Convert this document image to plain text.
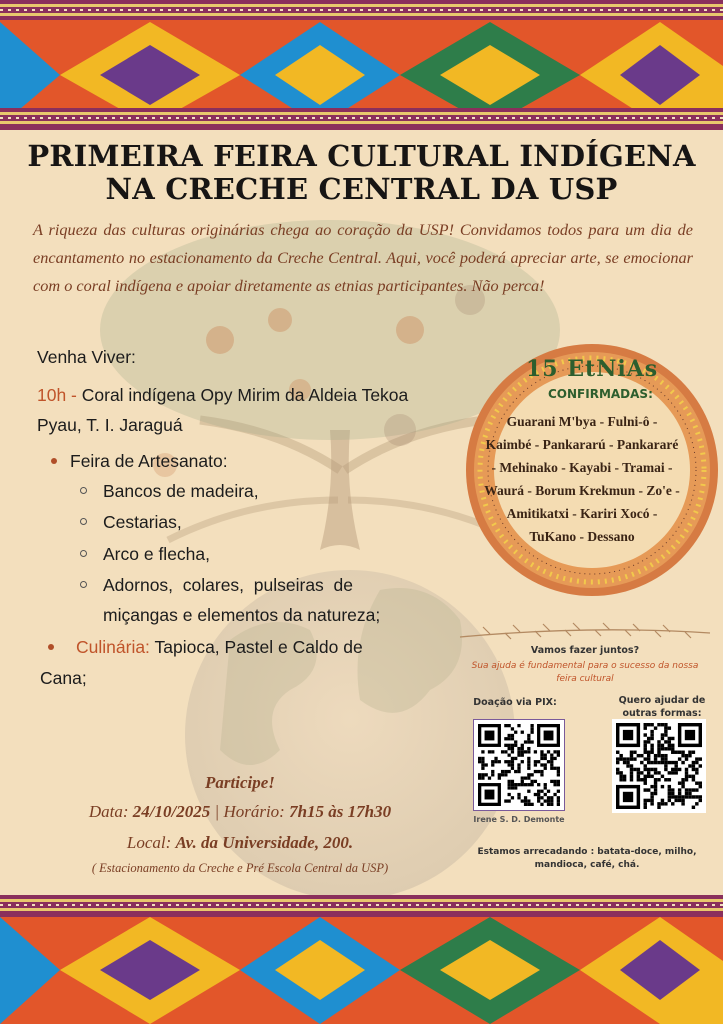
PRIMEIRA FEIRA CULTURAL INDÍGENA
NA CRECHE CENTRAL DA USP
A riqueza das culturas originárias chega ao coração da USP! Convidamos todos para um dia de encantamento no estacionamento da Creche Central. Aqui, você poderá apreciar arte, se emocionar com o coral indígena e apoiar diretamente as etnias participantes. Não perca!
Venha Viver:
10h - Coral indígena Opy Mirim da Aldeia Tekoa Pyau, T. I. Jaraguá
Feira de Artesanato:
Bancos de madeira,
Cestarias,
Arco e flecha,
Adornos,  colares,  pulseiras  de
miçangas e elementos da natureza;
Culinária: Tapioca, Pastel e Caldo de
Cana;
Participe!
Data: 24/10/2025 | Horário: 7h15 às 17h30
Local: Av. da Universidade, 200.
( Estacionamento da Creche e Pré Escola Central da USP)
15 EtNiAs
CONFIRMADAS:
Guarani M'bya - Fulni-ô -
Kaimbé - Pankararú - Pankararé
- Mehinako - Kayabi - Tramai -
Waurá - Borum Krekmun - Zo'e -
Amitikatxi - Kariri Xocó -
TuKano - Dessano
Vamos fazer juntos?
Sua ajuda é fundamental para o sucesso da nossa
feira cultural
Doação via PIX:	Quero ajudar de
outras formas:
Irene S. D. Demonte
Estamos arrecadando : batata-doce, milho,
mandioca, café, chá.
